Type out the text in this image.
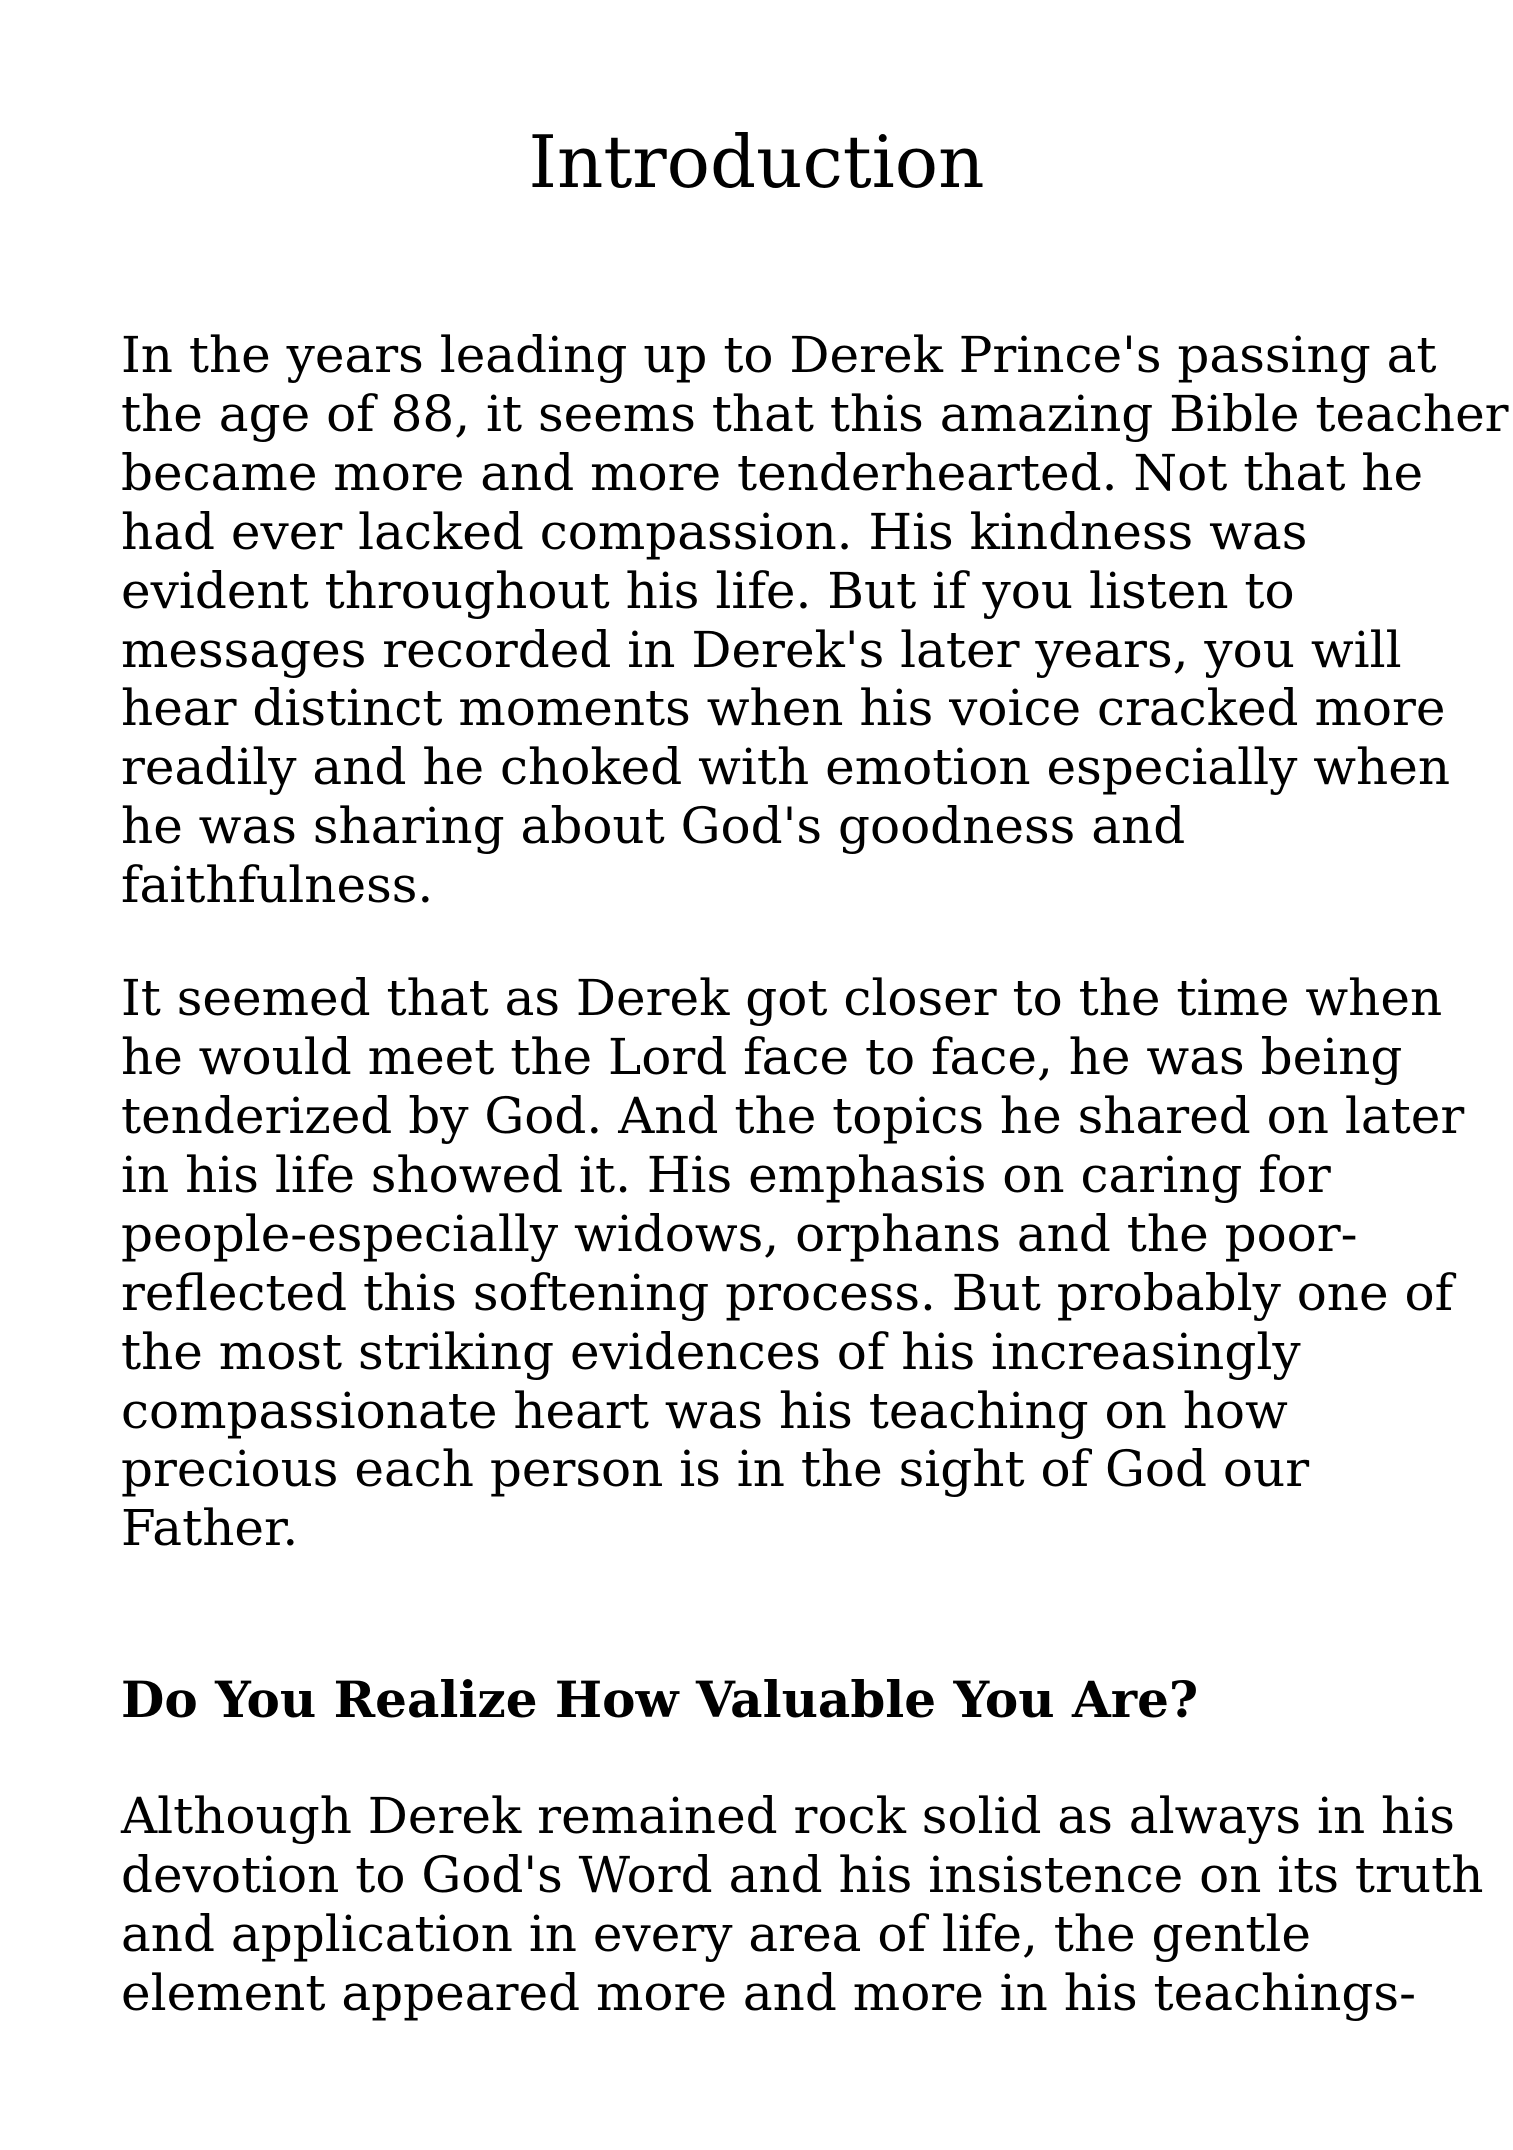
Introduction

In the years leading up to Derek Prince's passing at

the age of 88, it seems that this amazing Bible teacher

became more and more tenderhearted. Not that he

had ever lacked compassion. His kindness was

evident throughout his life. But if you listen to

messages recorded in Derek's later years, you will

hear distinct moments when his voice cracked more

readily and he choked with emotion especially when

he was sharing about God's goodness and

faithfulness.

It seemed that as Derek got closer to the time when

he would meet the Lord face to face, he was being

tenderized by God. And the topics he shared on later

in his life showed it. His emphasis on caring for

people-especially widows, orphans and the poor-

reflected this softening process. But probably one of

the most striking evidences of his increasingly

compassionate heart was his teaching on how

precious each person is in the sight of God our

Father.

Do You Realize How Valuable You Are?

Although Derek remained rock solid as always in his

devotion to God's Word and his insistence on its truth

and application in every area of life, the gentle

element appeared more and more in his teachings-
